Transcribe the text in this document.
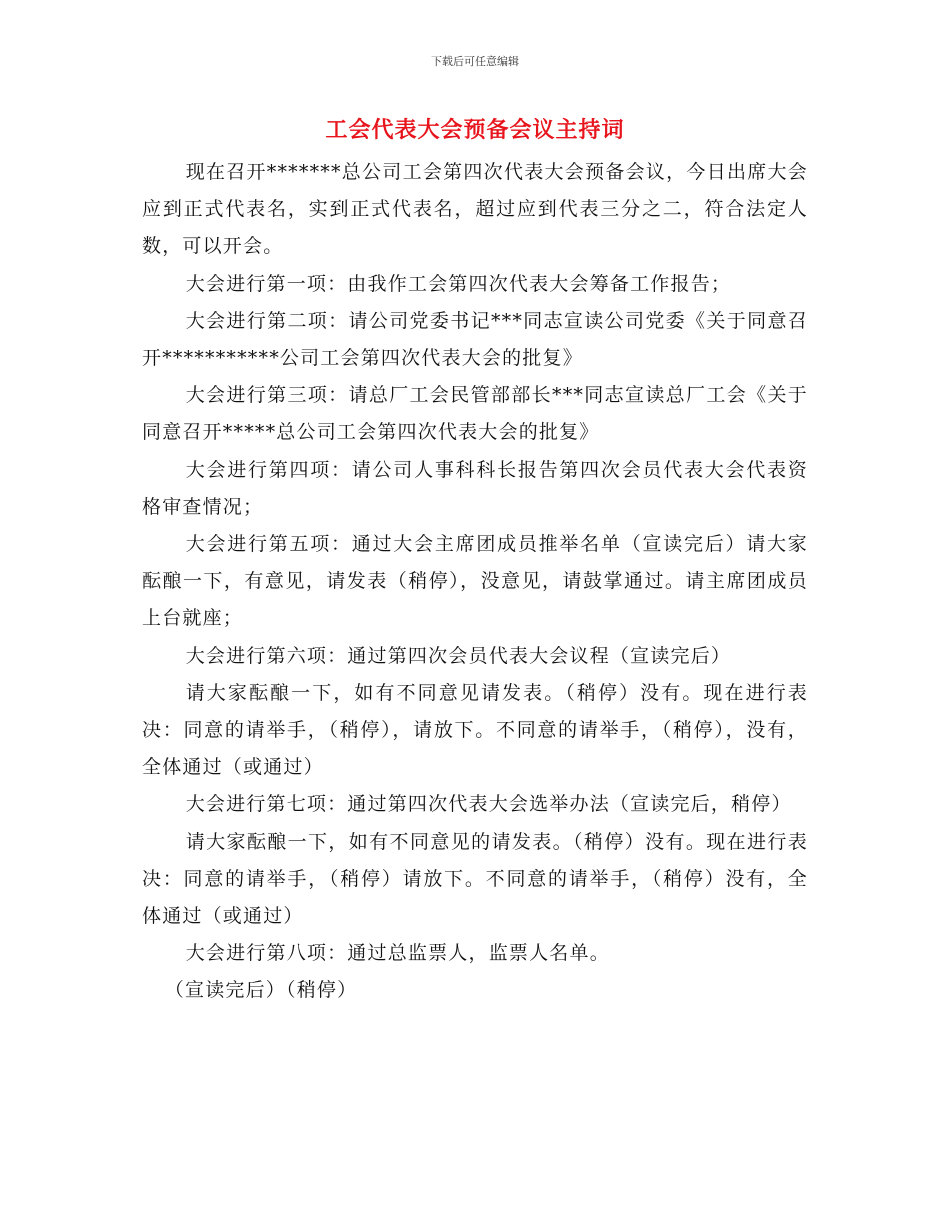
下载后可任意编辑
工会代表大会预备会议主持词

现在召开*******总公司工会第四次代表大会预备会议，今日出席大会应到正式代表名，实到正式代表名，超过应到代表三分之二，符合法定人数，可以开会。

大会进行第一项：由我作工会第四次代表大会筹备工作报告；

大会进行第二项：请公司党委书记***同志宣读公司党委《关于同意召开***********公司工会第四次代表大会的批复》

大会进行第三项：请总厂工会民管部部长***同志宣读总厂工会《关于同意召开*****总公司工会第四次代表大会的批复》

大会进行第四项：请公司人事科科长报告第四次会员代表大会代表资格审查情况；

大会进行第五项：通过大会主席团成员推举名单（宣读完后）请大家酝酿一下，有意见，请发表（稍停），没意见，请鼓掌通过。请主席团成员上台就座；

大会进行第六项：通过第四次会员代表大会议程（宣读完后）

请大家酝酿一下，如有不同意见请发表。（稍停）没有。现在进行表决：同意的请举手，（稍停），请放下。不同意的请举手，（稍停），没有，全体通过（或通过）

大会进行第七项：通过第四次代表大会选举办法（宣读完后，稍停）

请大家酝酿一下，如有不同意见的请发表。（稍停）没有。现在进行表决：同意的请举手，（稍停）请放下。不同意的请举手，（稍停）没有，全体通过（或通过）

大会进行第八项：通过总监票人，监票人名单。

（宣读完后）（稍停）
